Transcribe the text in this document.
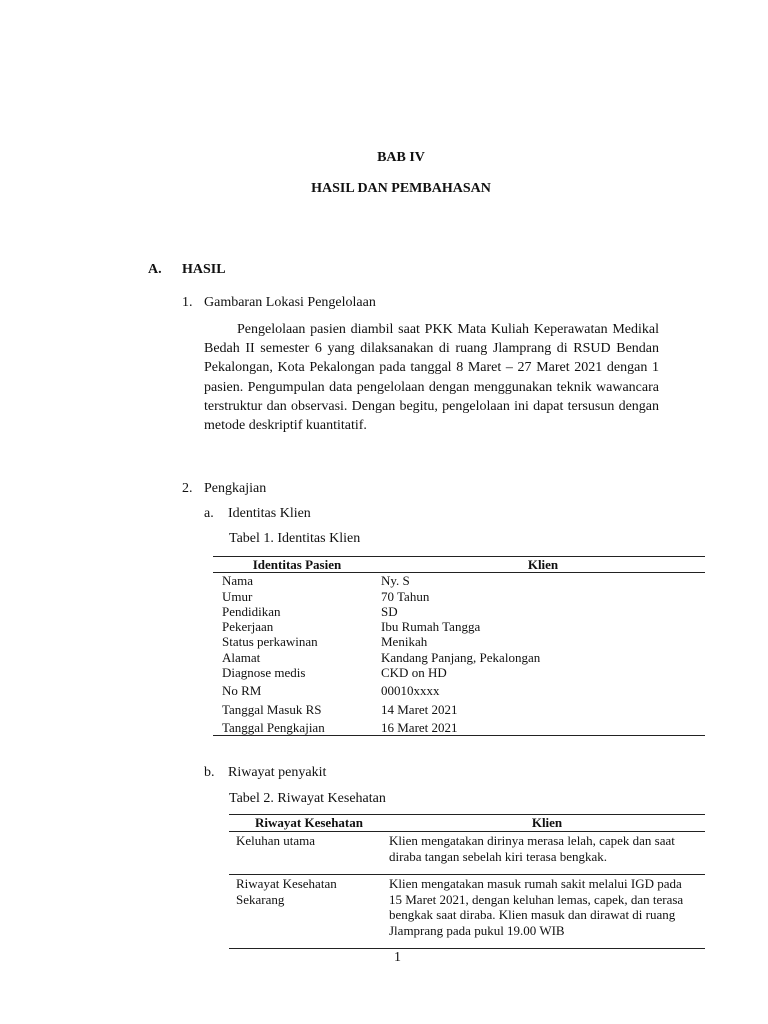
BAB IV
HASIL DAN PEMBAHASAN
A. HASIL
1. Gambaran Lokasi Pengelolaan
Pengelolaan pasien diambil saat PKK Mata Kuliah Keperawatan Medikal Bedah II semester 6 yang dilaksanakan di ruang Jlamprang di RSUD Bendan Pekalongan, Kota Pekalongan pada tanggal 8 Maret – 27 Maret 2021 dengan 1 pasien. Pengumpulan data pengelolaan dengan menggunakan teknik wawancara terstruktur dan observasi. Dengan begitu, pengelolaan ini dapat tersusun dengan metode deskriptif kuantitatif.
2. Pengkajian
a. Identitas Klien
Tabel 1. Identitas Klien
Identitas Pasien	Klien
Nama	Ny. S
Umur	70 Tahun
Pendidikan	SD
Pekerjaan	Ibu Rumah Tangga
Status perkawinan	Menikah
Alamat	Kandang Panjang, Pekalongan
Diagnose medis	CKD on HD
No RM	00010xxxx
Tanggal Masuk RS	14 Maret 2021
Tanggal Pengkajian	16 Maret 2021
b. Riwayat penyakit
Tabel 2. Riwayat Kesehatan
Riwayat Kesehatan	Klien
Keluhan utama	Klien mengatakan dirinya merasa lelah, capek dan saat diraba tangan sebelah kiri terasa bengkak.
Riwayat Kesehatan Sekarang	Klien mengatakan masuk rumah sakit melalui IGD pada 15 Maret 2021, dengan keluhan lemas, capek, dan terasa bengkak saat diraba. Klien masuk dan dirawat di ruang Jlamprang pada pukul 19.00 WIB
1
